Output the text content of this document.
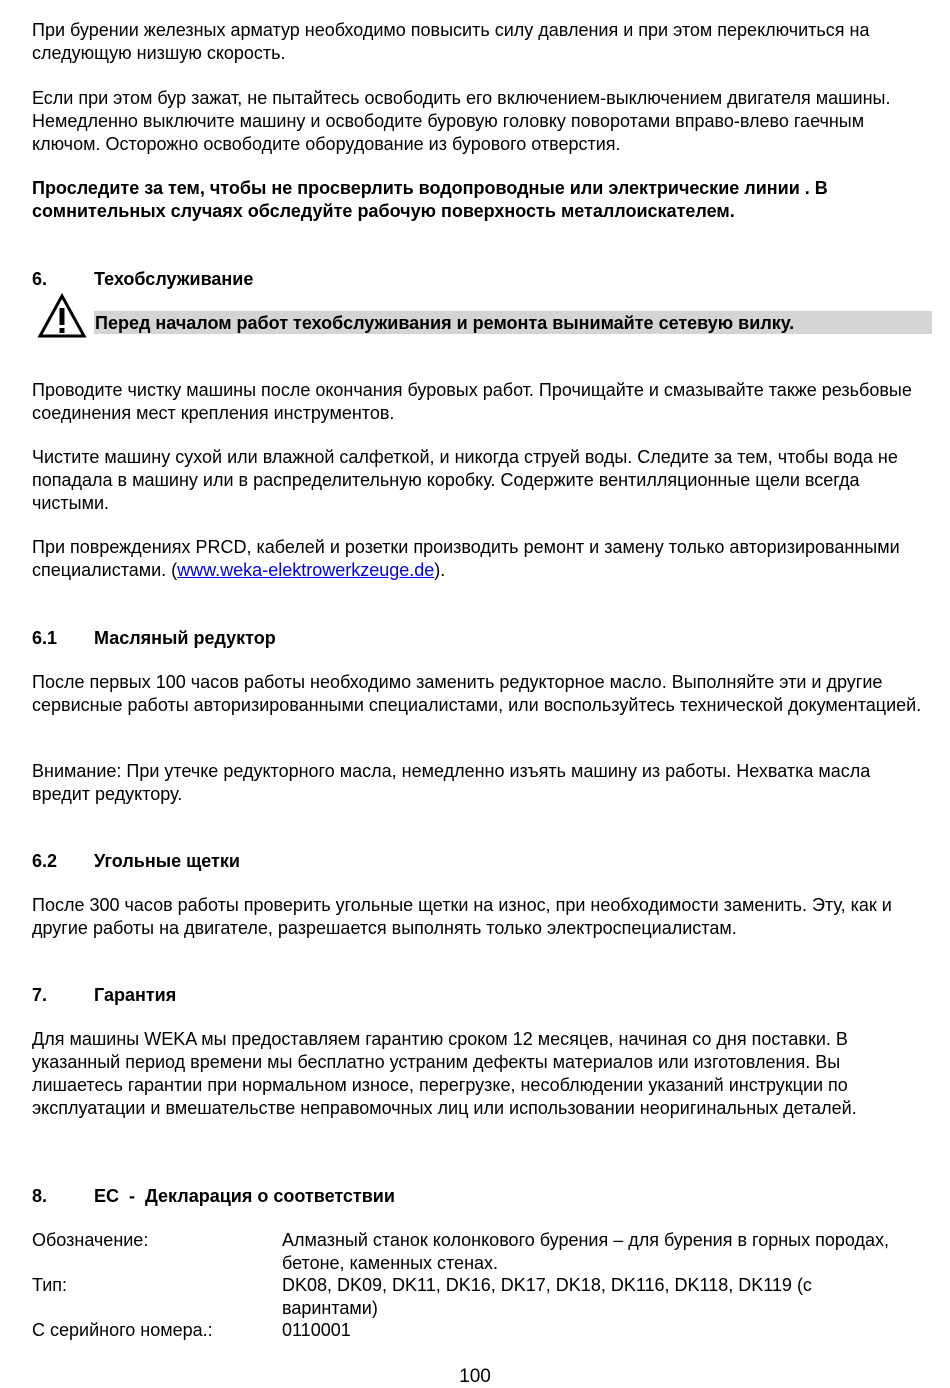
При бурении железных арматур необходимо повысить силу давления и при этом переключиться на следующую низшую скорость.

Если при этом бур зажат, не пытайтесь освободить его включением-выключением двигателя машины. Немедленно выключите машину и освободите буровую головку поворотами вправо-влево гаечным ключом. Осторожно освободите оборудование из бурового отверстия.

Проследите за тем, чтобы не просверлить водопроводные или электрические линии . В сомнительных случаях обследуйте рабочую поверхность металлоискателем.

6.	Техобслуживание
Перед началом работ техобслуживания и ремонта вынимайте сетевую вилку.

Проводите чистку машины после окончания буровых работ. Прочищайте и смазывайте также резьбовые соединения мест крепления инструментов.

Чистите машину сухой или влажной салфеткой, и никогда струей воды. Следите за тем, чтобы вода не попадала в машину или в распределительную коробку. Содержите вентилляционные щели всегда чистыми.

При повреждениях PRCD, кабелей и розетки производить ремонт и замену только авторизированными специалистами. (www.weka-elektrowerkzeuge.de).

6.1 Масляный редуктор

После первых 100 часов работы необходимо заменить редукторное масло. Выполняйте эти и другие сервисные работы авторизированными специалистами, или воспользуйтесь технической документацией.

Внимание: При утечке редукторного масла, немедленно изъять машину из работы. Нехватка масла вредит редуктору.

6.2 Угольные щетки

После 300 часов работы проверить угольные щетки на износ, при необходимости заменить. Эту, как и другие работы на двигателе, разрешается выполнять только электроспециалистам.

7.	Гарантия

Для машины WEKA мы предоставляем гарантию сроком 12 месяцев, начиная со дня поставки. В указанный период времени мы бесплатно устраним дефекты материалов или изготовления. Вы лишаетесь гарантии при нормальном износе, перегрузке, несоблюдении указаний инструкции по эксплуатации и вмешательстве неправомочных лиц или использовании неоригинальных деталей.

8.	EC  -  Декларация о соответствии
Обозначение:	Алмазный станок колонкового бурения – для бурения в горных породах, бетоне, каменных стенах.
Тип:	DK08, DK09, DK11, DK16, DK17, DK18, DK116, DK118, DK119 (с варинтами)
С серийного номера.:	0110001
100
